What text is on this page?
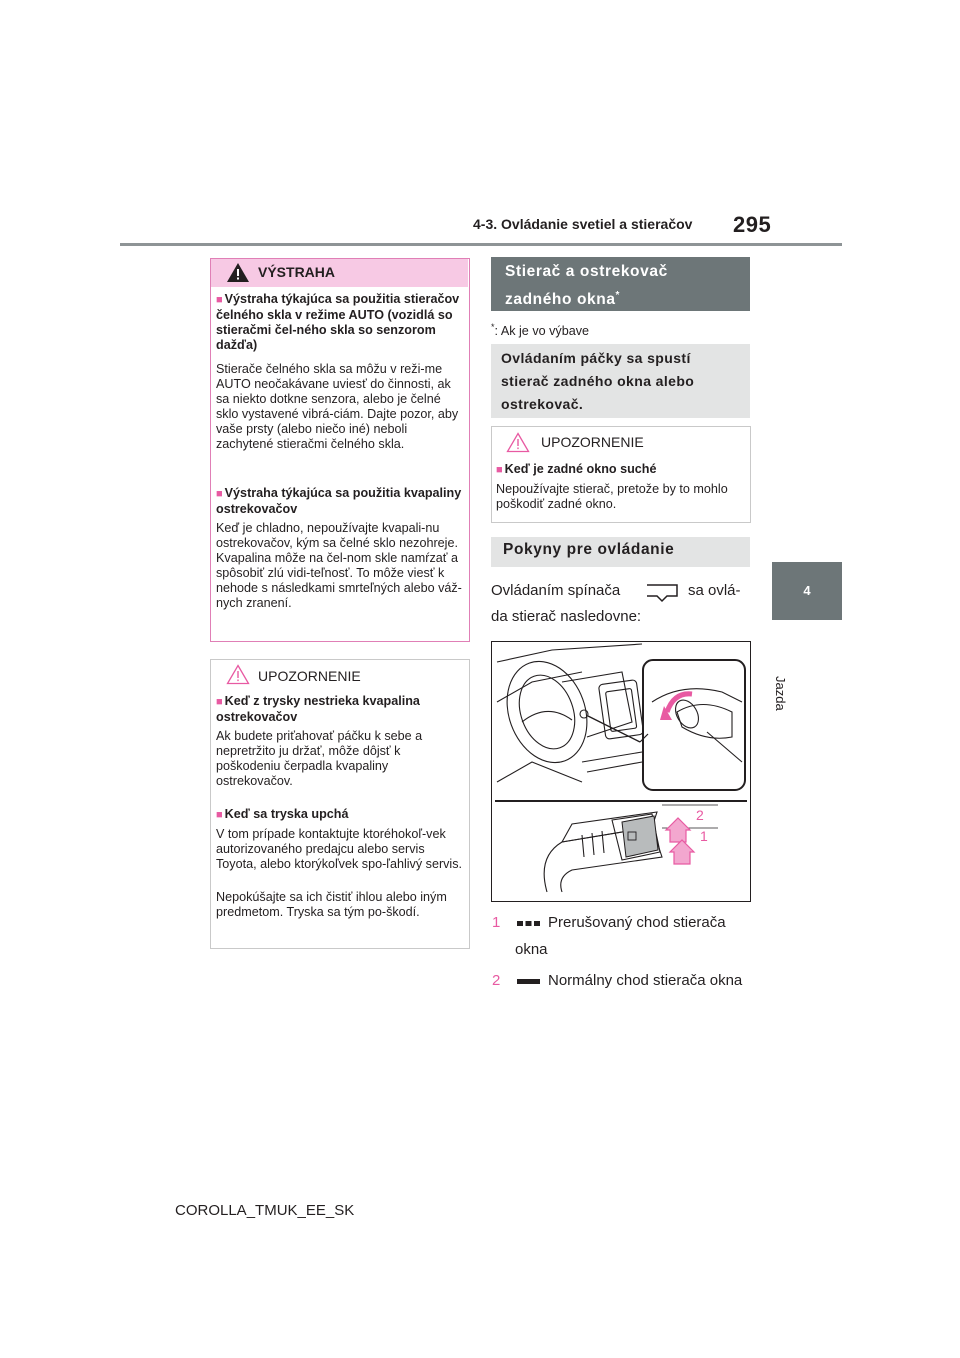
4-3. Ovládanie svetiel a stieračov 295
4
Jazda
VÝSTRAHA
■ Výstraha týkajúca sa použitia stieračov čelného skla v režime AUTO (vozidlá so stieračmi čel-ného skla so senzorom dažďa)
Stierače čelného skla sa môžu v reži-me AUTO neočakávane uviesť do činnosti, ak sa niekto dotkne senzora, alebo je čelné sklo vystavené vibrá-ciám. Dajte pozor, aby vaše prsty (alebo niečo iné) neboli zachytené stieračmi čelného skla.
■ Výstraha týkajúca sa použitia kvapaliny ostrekovačov
Keď je chladno, nepoužívajte kvapali-nu ostrekovačov, kým sa čelné sklo nezohreje. Kvapalina môže na čel-nom skle namŕzať a spôsobiť zlú vidi-teľnosť. To môže viesť k nehode s následkami smrteľných alebo váž-nych zranení.
UPOZORNENIE
■ Keď z trysky nestrieka kvapalina ostrekovačov
Ak budete priťahovať páčku k sebe a nepretržito ju držať, môže dôjsť k poškodeniu čerpadla kvapaliny ostrekovačov.
■ Keď sa tryska upchá
V tom prípade kontaktujte ktoréhokoľ-vek autorizovaného predajcu alebo servis Toyota, alebo ktorýkoľvek spo-ľahlivý servis.
Nepokúšajte sa ich čistiť ihlou alebo iným predmetom. Tryska sa tým po-škodí.
Stierač a ostrekovač
zadného okna*
*: Ak je vo výbave
Ovládaním páčky sa spustí
stierač zadného okna alebo
ostrekovač.
UPOZORNENIE
■ Keď je zadné okno suché
Nepoužívajte stierač, pretože by to mohlo poškodiť zadné okno.
Pokyny pre ovládanie
Ovládaním spínača	sa ovlá-
da stierač nasledovne:
2
1
1	Prerušovaný chod stierača
okna
2	Normálny chod stierača okna
COROLLA_TMUK_EE_SK
